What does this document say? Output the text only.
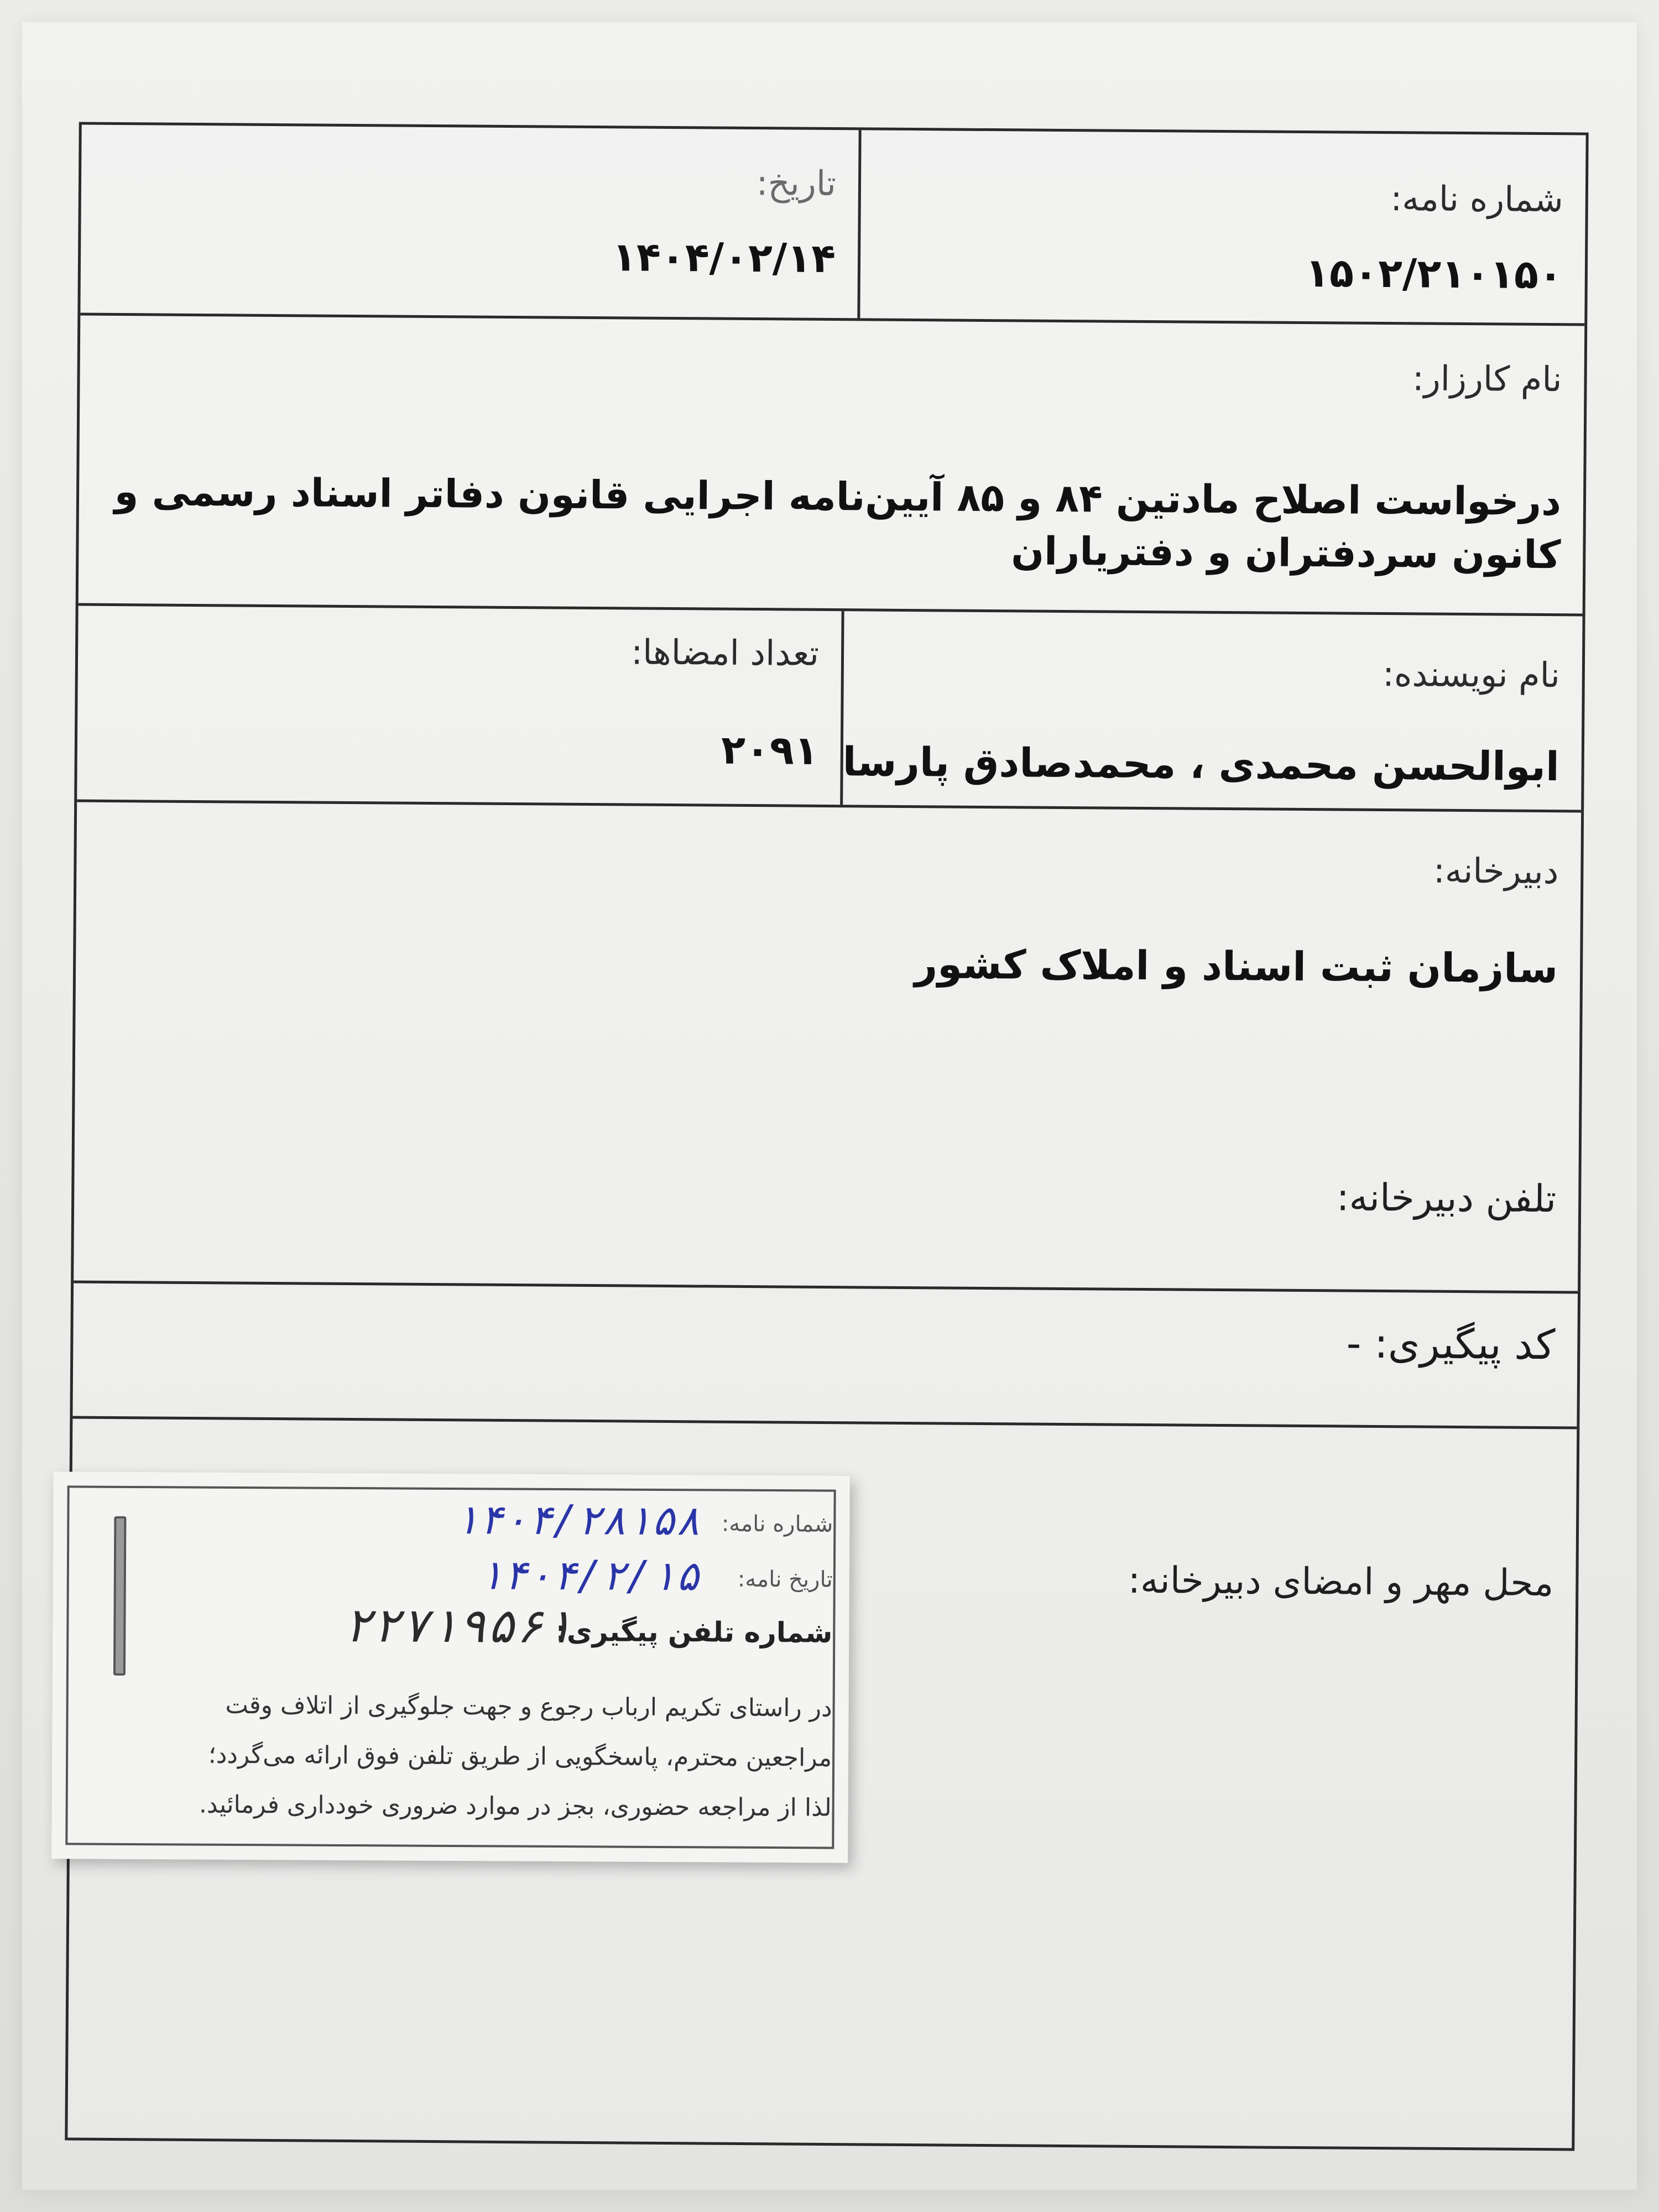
شماره نامه:
۱۵۰۲/۲۱۰۱۵۰
تاریخ:
۱۴۰۴/۰۲/۱۴
نام کارزار:
درخواست اصلاح مادتین ۸۴ و ۸۵ آیین‌نامه اجرایی قانون دفاتر اسناد رسمی و کانون سردفتران و دفتریاران
نام نویسنده:
ابوالحسن محمدی ، محمدصادق پارسا
تعداد امضاها:
۲۰۹۱
دبیرخانه:
سازمان ثبت اسناد و املاک کشور
تلفن دبیرخانه:
کد پیگیری: -
محل مهر و امضای دبیرخانه:
شماره نامه:
۱۴۰۴/۲۸۱۵۸
تاریخ نامه:
۱۴۰۴/۲/۱۵
شماره تلفن پیگیری:
۲۲۷۱۹۵۶۱
در راستای تکریم ارباب رجوع و جهت جلوگیری از اتلاف وقت
مراجعین محترم، پاسخگویی از طریق تلفن فوق ارائه می‌گردد؛
لذا از مراجعه حضوری، بجز در موارد ضروری خودداری فرمائید.
